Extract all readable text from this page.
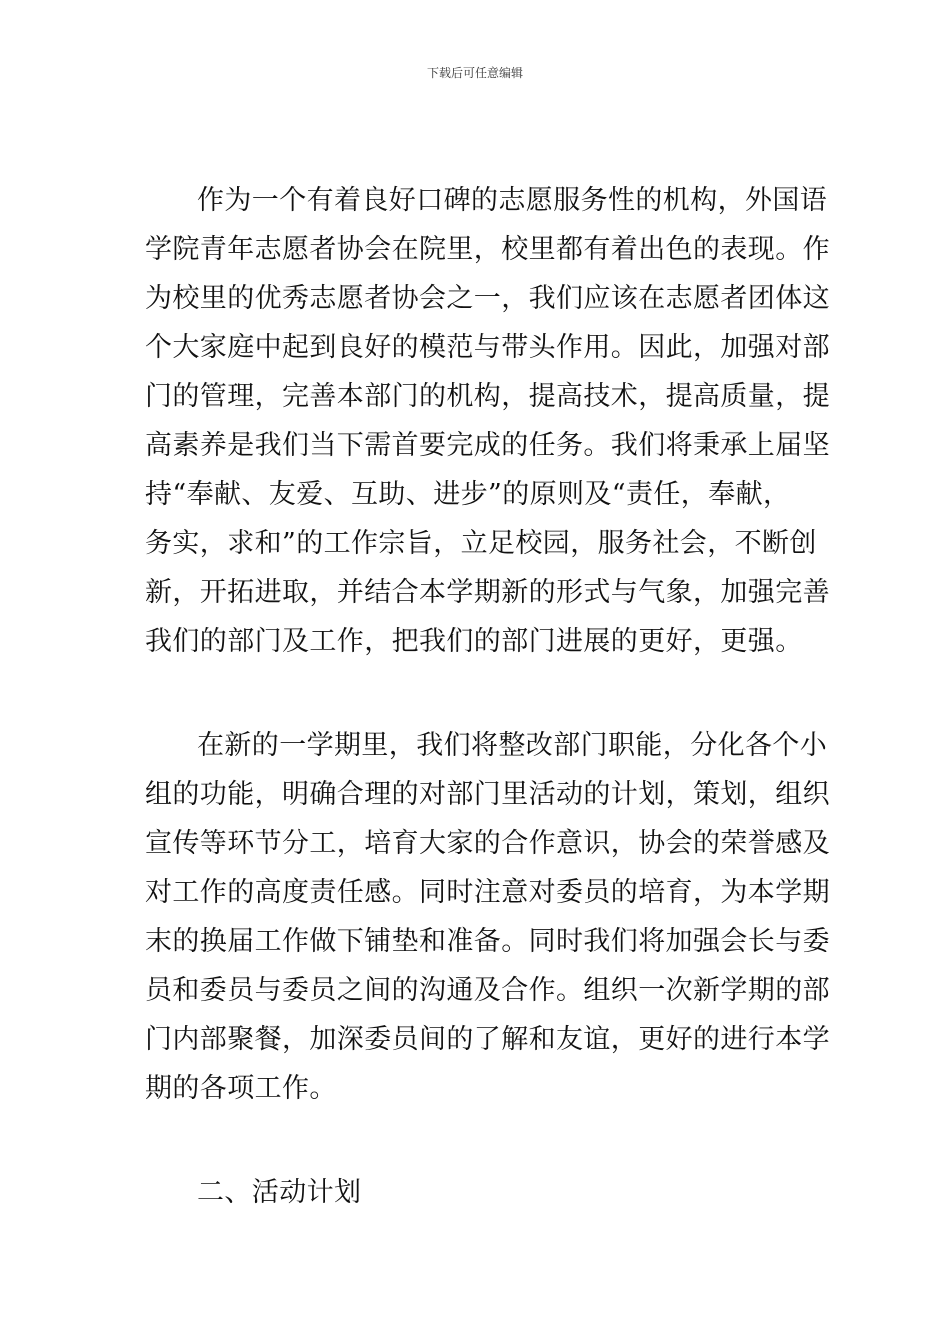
下载后可任意编辑
作为一个有着良好口碑的志愿服务性的机构，外国语
学院青年志愿者协会在院里，校里都有着出色的表现。作
为校里的优秀志愿者协会之一，我们应该在志愿者团体这
个大家庭中起到良好的模范与带头作用。因此，加强对部
门的管理，完善本部门的机构，提高技术，提高质量，提
高素养是我们当下需首要完成的任务。我们将秉承上届坚
持“奉献、友爱、互助、进步”的原则及“责任，奉献，
务实，求和”的工作宗旨，立足校园，服务社会，不断创
新，开拓进取，并结合本学期新的形式与气象，加强完善
我们的部门及工作，把我们的部门进展的更好，更强。
在新的一学期里，我们将整改部门职能，分化各个小
组的功能，明确合理的对部门里活动的计划，策划，组织
宣传等环节分工，培育大家的合作意识，协会的荣誉感及
对工作的高度责任感。同时注意对委员的培育，为本学期
末的换届工作做下铺垫和准备。同时我们将加强会长与委
员和委员与委员之间的沟通及合作。组织一次新学期的部
门内部聚餐，加深委员间的了解和友谊，更好的进行本学
期的各项工作。
二、活动计划
